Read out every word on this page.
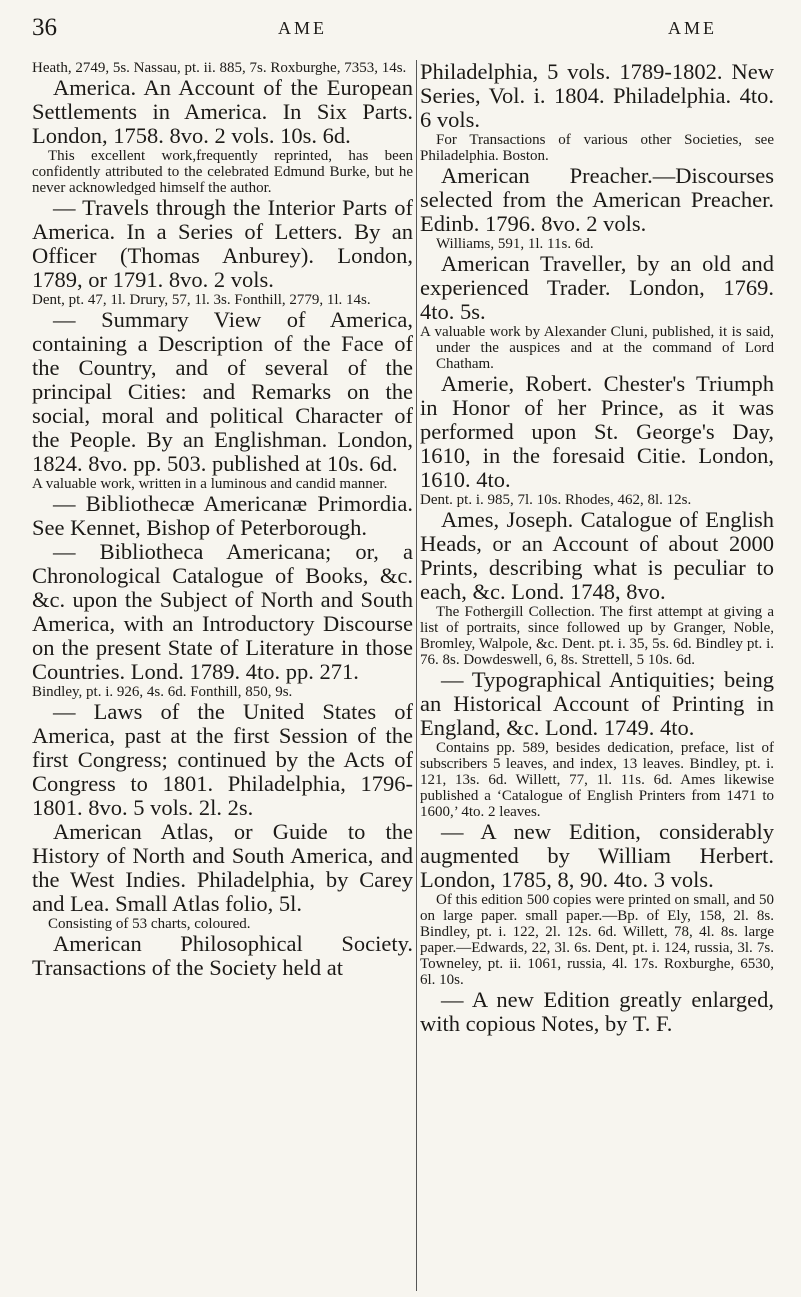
36	AME	AME

Heath, 2749, 5s. Nassau, pt. ii. 885, 7s. Roxburghe, 7353, 14s.

America. An Account of the European Settlements in America. In Six Parts. London, 1758. 8vo. 2 vols. 10s. 6d.

This excellent work,frequently reprinted, has been confidently attributed to the celebrated Edmund Burke, but he never acknowledged himself the author.

— Travels through the Interior Parts of America. In a Series of Letters. By an Officer (Thomas Anburey). London, 1789, or 1791. 8vo. 2 vols.

Dent, pt. 47, 1l. Drury, 57, 1l. 3s. Fonthill, 2779, 1l. 14s.

— Summary View of America, containing a Description of the Face of the Country, and of several of the principal Cities: and Remarks on the social, moral and political Character of the People. By an Englishman. London, 1824. 8vo. pp. 503. published at 10s. 6d.

A valuable work, written in a luminous and candid manner.

— Bibliothecæ Americanæ Primordia. See Kennet, Bishop of Peterborough.

— Bibliotheca Americana; or, a Chronological Catalogue of Books, &c. &c. upon the Subject of North and South America, with an Introductory Discourse on the present State of Literature in those Countries. Lond. 1789. 4to. pp. 271.

Bindley, pt. i. 926, 4s. 6d. Fonthill, 850, 9s.

— Laws of the United States of America, past at the first Session of the first Congress; continued by the Acts of Congress to 1801. Philadelphia, 1796-1801. 8vo. 5 vols. 2l. 2s.

American Atlas, or Guide to the History of North and South America, and the West Indies. Philadelphia, by Carey and Lea. Small Atlas folio, 5l.

Consisting of 53 charts, coloured.

American Philosophical Society. Transactions of the Society held at

Philadelphia, 5 vols. 1789-1802. New Series, Vol. i. 1804. Philadelphia. 4to. 6 vols.

For Transactions of various other Societies, see Philadelphia. Boston.

American Preacher.—Discourses selected from the American Preacher. Edinb. 1796. 8vo. 2 vols.

Williams, 591, 1l. 11s. 6d.

American Traveller, by an old and experienced Trader. London, 1769. 4to. 5s.

A valuable work by Alexander Cluni, published, it is said, under the auspices and at the command of Lord Chatham.

Amerie, Robert. Chester's Triumph in Honor of her Prince, as it was performed upon St. George's Day, 1610, in the foresaid Citie. London, 1610. 4to.

Dent. pt. i. 985, 7l. 10s. Rhodes, 462, 8l. 12s.

Ames, Joseph. Catalogue of English Heads, or an Account of about 2000 Prints, describing what is peculiar to each, &c. Lond. 1748, 8vo.

The Fothergill Collection. The first attempt at giving a list of portraits, since followed up by Granger, Noble, Bromley, Walpole, &c. Dent. pt. i. 35, 5s. 6d. Bindley pt. i. 76. 8s. Dowdeswell, 6, 8s. Strettell, 5 10s. 6d.

— Typographical Antiquities; being an Historical Account of Printing in England, &c. Lond. 1749. 4to.

Contains pp. 589, besides dedication, preface, list of subscribers 5 leaves, and index, 13 leaves. Bindley, pt. i. 121, 13s. 6d. Willett, 77, 1l. 11s. 6d. Ames likewise published a ‘Catalogue of English Printers from 1471 to 1600,’ 4to. 2 leaves.

— A new Edition, considerably augmented by William Herbert. London, 1785, 8, 90. 4to. 3 vols.

Of this edition 500 copies were printed on small, and 50 on large paper. small paper.—Bp. of Ely, 158, 2l. 8s. Bindley, pt. i. 122, 2l. 12s. 6d. Willett, 78, 4l. 8s. large paper.—Edwards, 22, 3l. 6s. Dent, pt. i. 124, russia, 3l. 7s. Towneley, pt. ii. 1061, russia, 4l. 17s. Roxburghe, 6530, 6l. 10s.

— A new Edition greatly enlarged, with copious Notes, by T. F.
